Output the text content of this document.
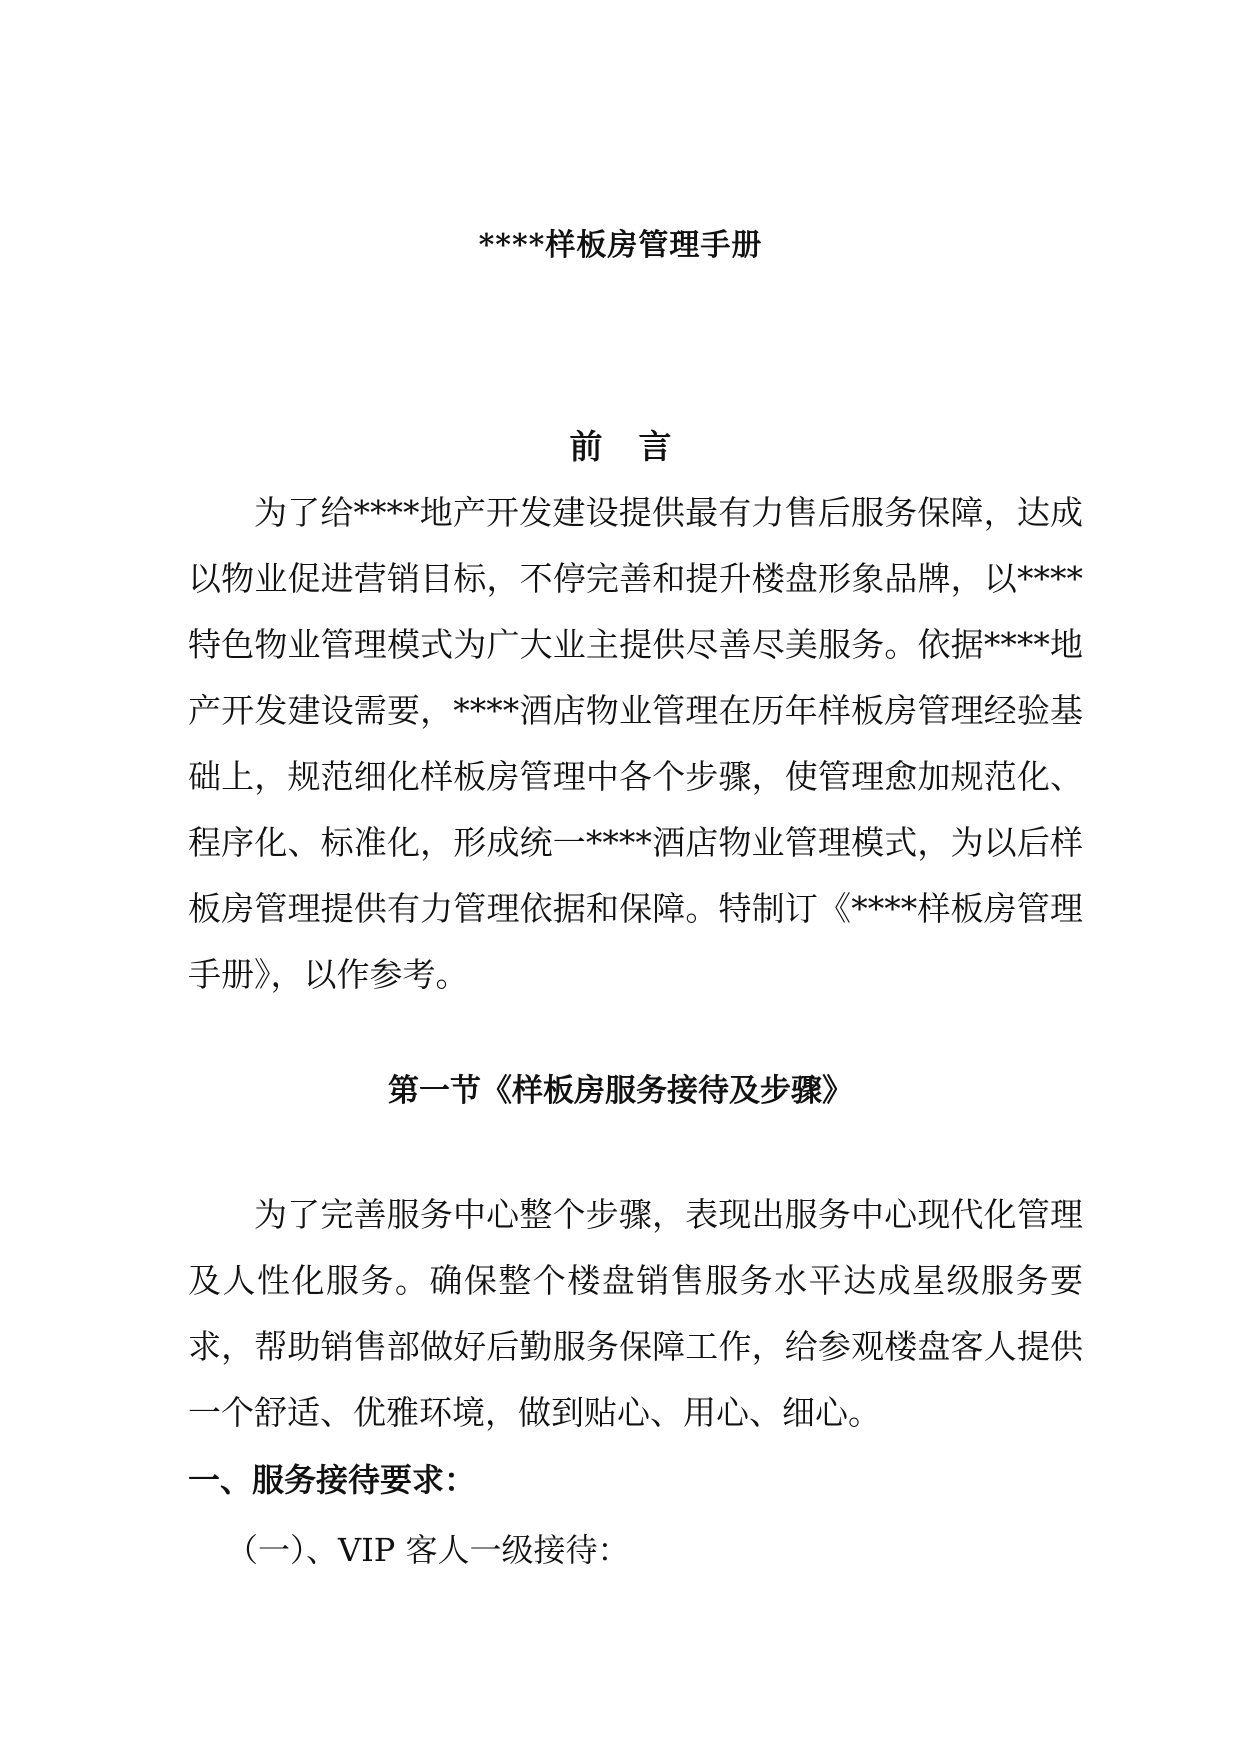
****样板房管理手册
前言

为了给****地产开发建设提供最有力售后服务保障，达成以物业促进营销目标，不停完善和提升楼盘形象品牌，以****特色物业管理模式为广大业主提供尽善尽美服务。依据****地产开发建设需要，****酒店物业管理在历年样板房管理经验基础上，规范细化样板房管理中各个步骤，使管理愈加规范化、程序化、标准化，形成统一****酒店物业管理模式，为以后样板房管理提供有力管理依据和保障。特制订《****样板房管理手册》，以作参考。

第一节《样板房服务接待及步骤》

为了完善服务中心整个步骤，表现出服务中心现代化管理及人性化服务。确保整个楼盘销售服务水平达成星级服务要求，帮助销售部做好后勤服务保障工作，给参观楼盘客人提供一个舒适、优雅环境，做到贴心、用心、细心。

一、服务接待要求：
（一）、VIP 客人一级接待：
